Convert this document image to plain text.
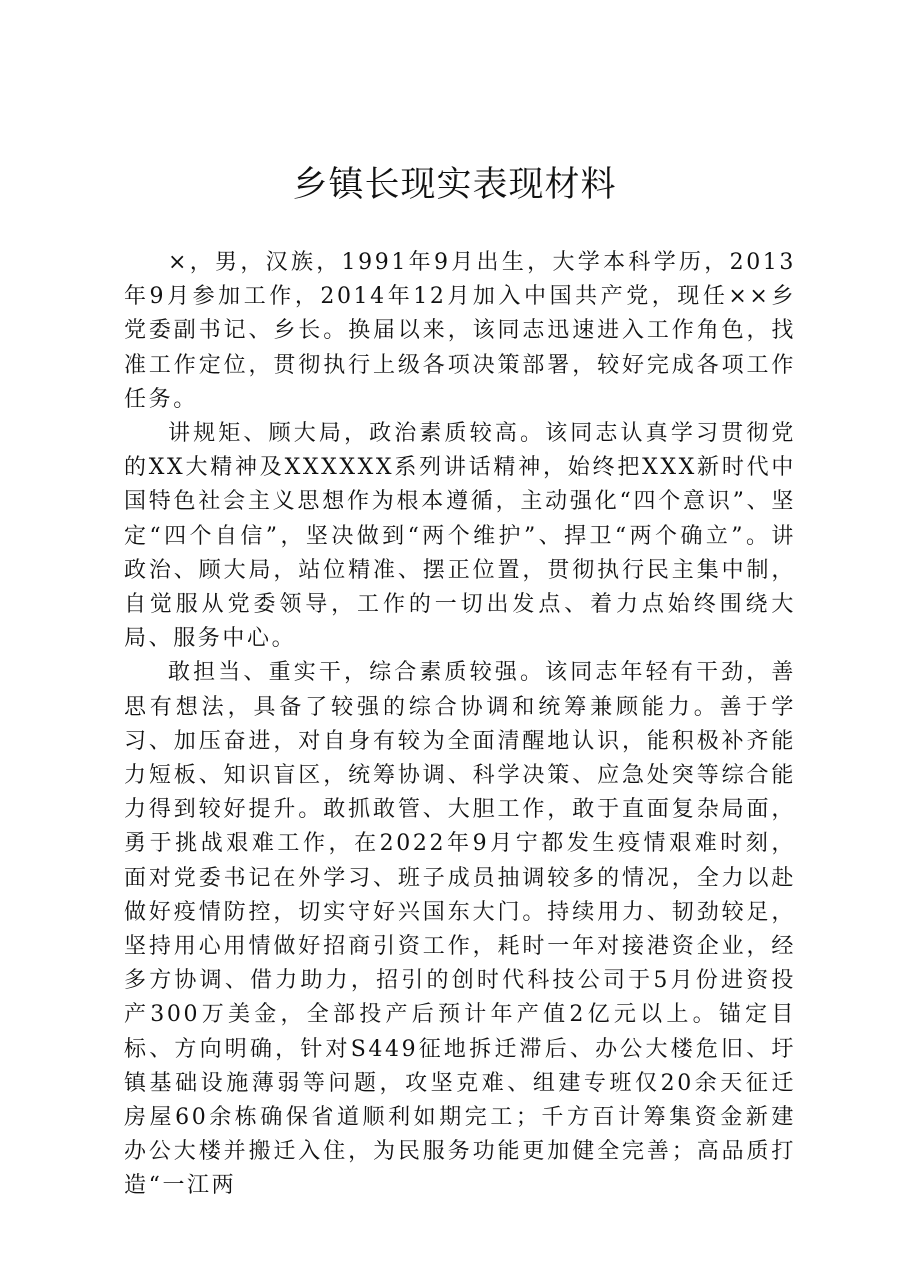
乡镇长现实表现材料

×，男，汉族，1991年9月出生，大学本科学历，2013年9月参加工作，2014年12月加入中国共产党，现任××乡党委副书记、乡长。换届以来，该同志迅速进入工作角色，找准工作定位，贯彻执行上级各项决策部署，较好完成各项工作任务。

讲规矩、顾大局，政治素质较高。该同志认真学习贯彻党的XX大精神及XXXXXX系列讲话精神，始终把XXX新时代中国特色社会主义思想作为根本遵循，主动强化“四个意识”、坚定“四个自信”，坚决做到“两个维护”、捍卫“两个确立”。讲政治、顾大局，站位精准、摆正位置，贯彻执行民主集中制，自觉服从党委领导，工作的一切出发点、着力点始终围绕大局、服务中心。

敢担当、重实干，综合素质较强。该同志年轻有干劲，善思有想法，具备了较强的综合协调和统筹兼顾能力。善于学习、加压奋进，对自身有较为全面清醒地认识，能积极补齐能力短板、知识盲区，统筹协调、科学决策、应急处突等综合能力得到较好提升。敢抓敢管、大胆工作，敢于直面复杂局面，勇于挑战艰难工作，在2022年9月宁都发生疫情艰难时刻，面对党委书记在外学习、班子成员抽调较多的情况，全力以赴做好疫情防控，切实守好兴国东大门。持续用力、韧劲较足，坚持用心用情做好招商引资工作，耗时一年对接港资企业，经多方协调、借力助力，招引的创时代科技公司于5月份进资投产300万美金，全部投产后预计年产值2亿元以上。锚定目标、方向明确，针对S449征地拆迁滞后、办公大楼危旧、圩镇基础设施薄弱等问题，攻坚克难、组建专班仅20余天征迁房屋60余栋确保省道顺利如期完工；千方百计筹集资金新建办公大楼并搬迁入住，为民服务功能更加健全完善；高品质打造“一江两
